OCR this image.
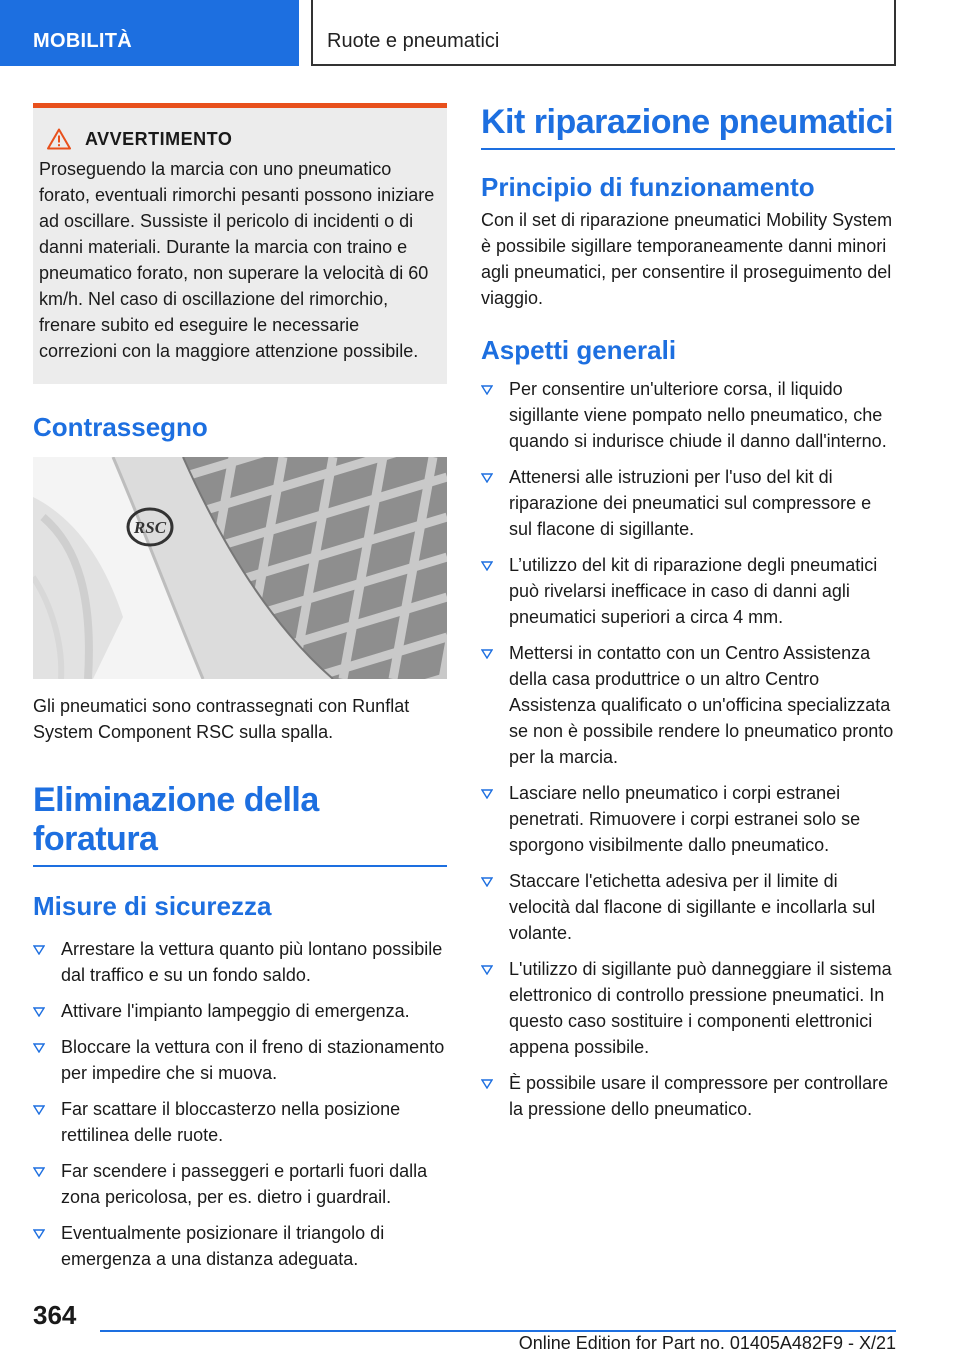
MOBILITÀ	Ruote e pneumatici
AVVERTIMENTO

Proseguendo la marcia con uno pneumatico forato, eventuali rimorchi pesanti possono iniziare ad oscillare. Sussiste il pericolo di incidenti o di danni materiali. Durante la marcia con traino e pneumatico forato, non superare la velocità di 60 km/h. Nel caso di oscillazione del rimorchio, frenare subito ed eseguire le necessarie correzioni con la maggiore attenzione possibile.

Contrassegno
RSC

Gli pneumatici sono contrassegnati con Runflat System Component RSC sulla spalla.

Eliminazione della foratura
Misure di sicurezza
Arrestare la vettura quanto più lontano possibile dal traffico e su un fondo saldo.
Attivare l'impianto lampeggio di emergenza.
Bloccare la vettura con il freno di stazionamento per impedire che si muova.
Far scattare il bloccasterzo nella posizione rettilinea delle ruote.
Far scendere i passeggeri e portarli fuori dalla zona pericolosa, per es. dietro i guardrail.
Eventualmente posizionare il triangolo di emergenza a una distanza adeguata.
Kit riparazione pneumatici
Principio di funzionamento

Con il set di riparazione pneumatici Mobility System è possibile sigillare temporaneamente danni minori agli pneumatici, per consentire il proseguimento del viaggio.

Aspetti generali
Per consentire un'ulteriore corsa, il liquido sigillante viene pompato nello pneumatico, che quando si indurisce chiude il danno dall'interno.
Attenersi alle istruzioni per l'uso del kit di riparazione dei pneumatici sul compressore e sul flacone di sigillante.
L’utilizzo del kit di riparazione degli pneumatici può rivelarsi inefficace in caso di danni agli pneumatici superiori a circa 4 mm.
Mettersi in contatto con un Centro Assistenza della casa produttrice o un altro Centro Assistenza qualificato o un'officina specializzata se non è possibile rendere lo pneumatico pronto per la marcia.
Lasciare nello pneumatico i corpi estranei penetrati. Rimuovere i corpi estranei solo se sporgono visibilmente dallo pneumatico.
Staccare l'etichetta adesiva per il limite di velocità dal flacone di sigillante e incollarla sul volante.
L'utilizzo di sigillante può danneggiare il sistema elettronico di controllo pressione pneumatici. In questo caso sostituire i componenti elettronici appena possibile.
È possibile usare il compressore per controllare la pressione dello pneumatico.
364
Online Edition for Part no. 01405A482F9 - X/21
